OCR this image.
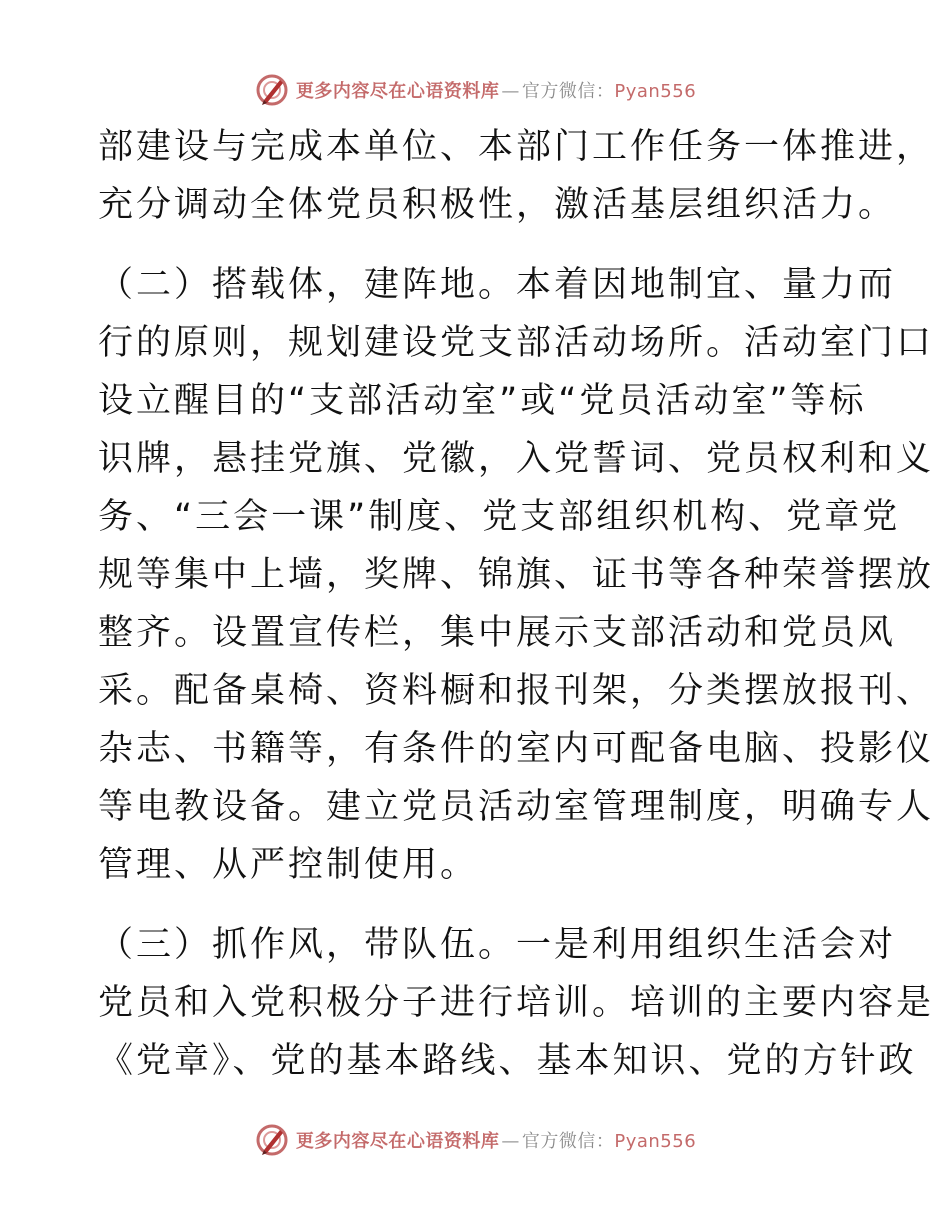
更多内容尽在心语资料库 — 官方微信：Pyan556

部建设与完成本单位、本部门工作任务一体推进，

充分调动全体党员积极性，激活基层组织活力。

（二）搭载体，建阵地。本着因地制宜、量力而

行的原则，规划建设党支部活动场所。活动室门口

设立醒目的“支部活动室”或“党员活动室”等标

识牌，悬挂党旗、党徽，入党誓词、党员权利和义

务、“三会一课”制度、党支部组织机构、党章党

规等集中上墙，奖牌、锦旗、证书等各种荣誉摆放

整齐。设置宣传栏，集中展示支部活动和党员风

采。配备桌椅、资料橱和报刊架，分类摆放报刊、

杂志、书籍等，有条件的室内可配备电脑、投影仪

等电教设备。建立党员活动室管理制度，明确专人

管理、从严控制使用。

（三）抓作风，带队伍。一是利用组织生活会对

党员和入党积极分子进行培训。培训的主要内容是

《党章》、党的基本路线、基本知识、党的方针政

更多内容尽在心语资料库 — 官方微信：Pyan556
